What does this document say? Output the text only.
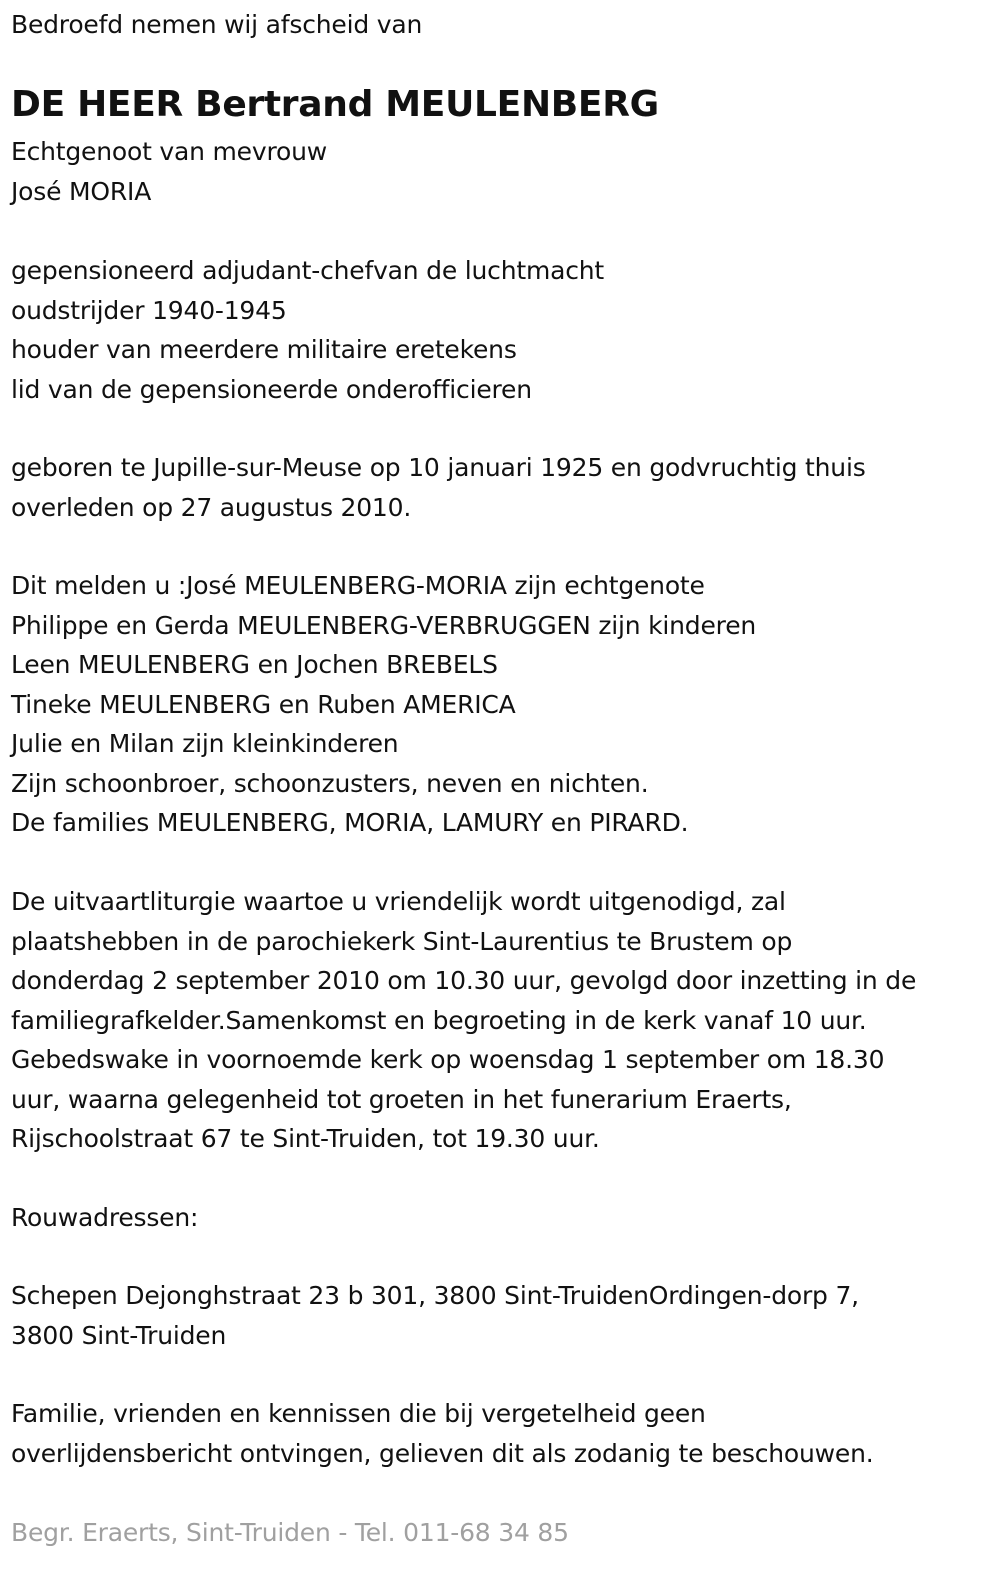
Bedroefd nemen wij afscheid van
DE HEER Bertrand MEULENBERG
Echtgenoot van mevrouw
José MORIA
gepensioneerd adjudant-chefvan de luchtmacht
oudstrijder 1940-1945
houder van meerdere militaire eretekens
lid van de gepensioneerde onderofficieren
geboren te Jupille-sur-Meuse op 10 januari 1925 en godvruchtig thuis
overleden op 27 augustus 2010.
Dit melden u :José MEULENBERG-MORIA zijn echtgenote
Philippe en Gerda MEULENBERG-VERBRUGGEN zijn kinderen
Leen MEULENBERG en Jochen BREBELS
Tineke MEULENBERG en Ruben AMERICA
Julie en Milan zijn kleinkinderen
Zijn schoonbroer, schoonzusters, neven en nichten.
De families MEULENBERG, MORIA, LAMURY en PIRARD.
De uitvaartliturgie waartoe u vriendelijk wordt uitgenodigd, zal
plaatshebben in de parochiekerk Sint-Laurentius te Brustem op
donderdag 2 september 2010 om 10.30 uur, gevolgd door inzetting in de
familiegrafkelder.Samenkomst en begroeting in de kerk vanaf 10 uur.
Gebedswake in voornoemde kerk op woensdag 1 september om 18.30
uur, waarna gelegenheid tot groeten in het funerarium Eraerts,
Rijschoolstraat 67 te Sint-Truiden, tot 19.30 uur.
Rouwadressen:
Schepen Dejonghstraat 23 b 301, 3800 Sint-TruidenOrdingen-dorp 7,
3800 Sint-Truiden
Familie, vrienden en kennissen die bij vergetelheid geen
overlijdensbericht ontvingen, gelieven dit als zodanig te beschouwen.
Begr. Eraerts, Sint-Truiden - Tel. 011-68 34 85
